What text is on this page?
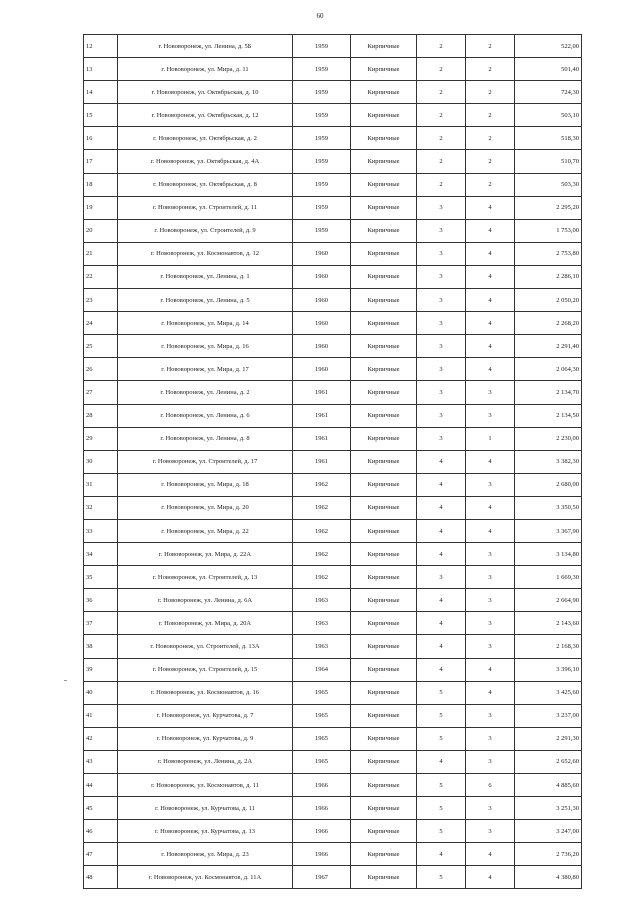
60
12	г. Нововоронеж, ул. Ленина, д. 5Б	1959	Кирпичные	2	2	522,00
13	г. Нововоронеж, ул. Мира, д. 11	1959	Кирпичные	2	2	501,40
14	г. Нововоронеж, ул. Октябрьская, д. 10	1959	Кирпичные	2	2	724,30
15	г. Нововоронеж, ул. Октябрьская, д. 12	1959	Кирпичные	2	2	503,10
16	г. Нововоронеж, ул. Октябрьская, д. 2	1959	Кирпичные	2	2	518,30
17	г. Нововоронеж, ул. Октябрьская, д. 4А	1959	Кирпичные	2	2	510,70
18	г. Нововоронеж, ул. Октябрьская, д. 8	1959	Кирпичные	2	2	503,30
19	г. Нововоронеж, ул. Строителей, д. 11	1959	Кирпичные	3	4	2 295,20
20	г. Нововоронеж, ул. Строителей, д. 9	1959	Кирпичные	3	4	1 753,00
21	г. Нововоронеж, ул. Космонавтов, д. 12	1960	Кирпичные	3	4	2 753,80
22	г. Нововоронеж, ул. Ленина, д. 1	1960	Кирпичные	3	4	2 286,10
23	г. Нововоронеж, ул. Ленина, д. 5	1960	Кирпичные	3	4	2 050,20
24	г. Нововоронеж, ул. Мира, д. 14	1960	Кирпичные	3	4	2 268,20
25	г. Нововоронеж, ул. Мира, д. 16	1960	Кирпичные	3	4	2 291,40
26	г. Нововоронеж, ул. Мира, д. 17	1960	Кирпичные	3	4	2 064,30
27	г. Нововоронеж, ул. Ленина, д. 2	1961	Кирпичные	3	3	2 134,70
28	г. Нововоронеж, ул. Ленина, д. 6	1961	Кирпичные	3	3	2 134,50
29	г. Нововоронеж, ул. Ленина, д. 8	1961	Кирпичные	3	1	2 230,00
30	г. Нововоронеж, ул. Строителей, д. 17	1961	Кирпичные	4	4	3 382,30
31	г. Нововоронеж, ул. Мира, д. 18	1962	Кирпичные	4	3	2 680,00
32	г. Нововоронеж, ул. Мира, д. 20	1962	Кирпичные	4	4	3 350,50
33	г. Нововоронеж, ул. Мира, д. 22	1962	Кирпичные	4	4	3 367,90
34	г. Нововоронеж, ул. Мира, д. 22А	1962	Кирпичные	4	3	3 134,80
35	г. Нововоронеж, ул. Строителей, д. 13	1962	Кирпичные	3	3	1 669,30
36	г. Нововоронеж, ул. Ленина, д. 6А	1963	Кирпичные	4	3	2 664,90
37	г. Нововоронеж, ул. Мира, д. 20А	1963	Кирпичные	4	3	2 143,60
38	г. Нововоронеж, ул. Строителей, д. 13А	1963	Кирпичные	4	3	2 168,30
39	г. Нововоронеж, ул. Строителей, д. 15	1964	Кирпичные	4	4	3 396,10
40	г. Нововоронеж, ул. Космонавтов, д. 16	1965	Кирпичные	5	4	3 425,60
41	г. Нововоронеж, ул. Курчатова, д. 7	1965	Кирпичные	5	3	3 237,00
42	г. Нововоронеж, ул. Курчатова, д. 9	1965	Кирпичные	5	3	2 291,30
43	г. Нововоронеж, ул. Ленина, д. 2А	1965	Кирпичные	4	3	2 652,60
44	г. Нововоронеж, ул. Космонавтов, д. 11	1966	Кирпичные	5	6	4 885,60
45	г. Нововоронеж, ул. Курчатова, д. 11	1966	Кирпичные	5	3	3 251,30
46	г. Нововоронеж, ул. Курчатова, д. 13	1966	Кирпичные	5	3	3 247,00
47	г. Нововоронеж, ул. Мира, д. 23	1966	Кирпичные	4	4	2 736,20
48	г. Нововоронеж, ул. Космонавтов, д. 11А	1967	Кирпичные	5	4	4 380,80
